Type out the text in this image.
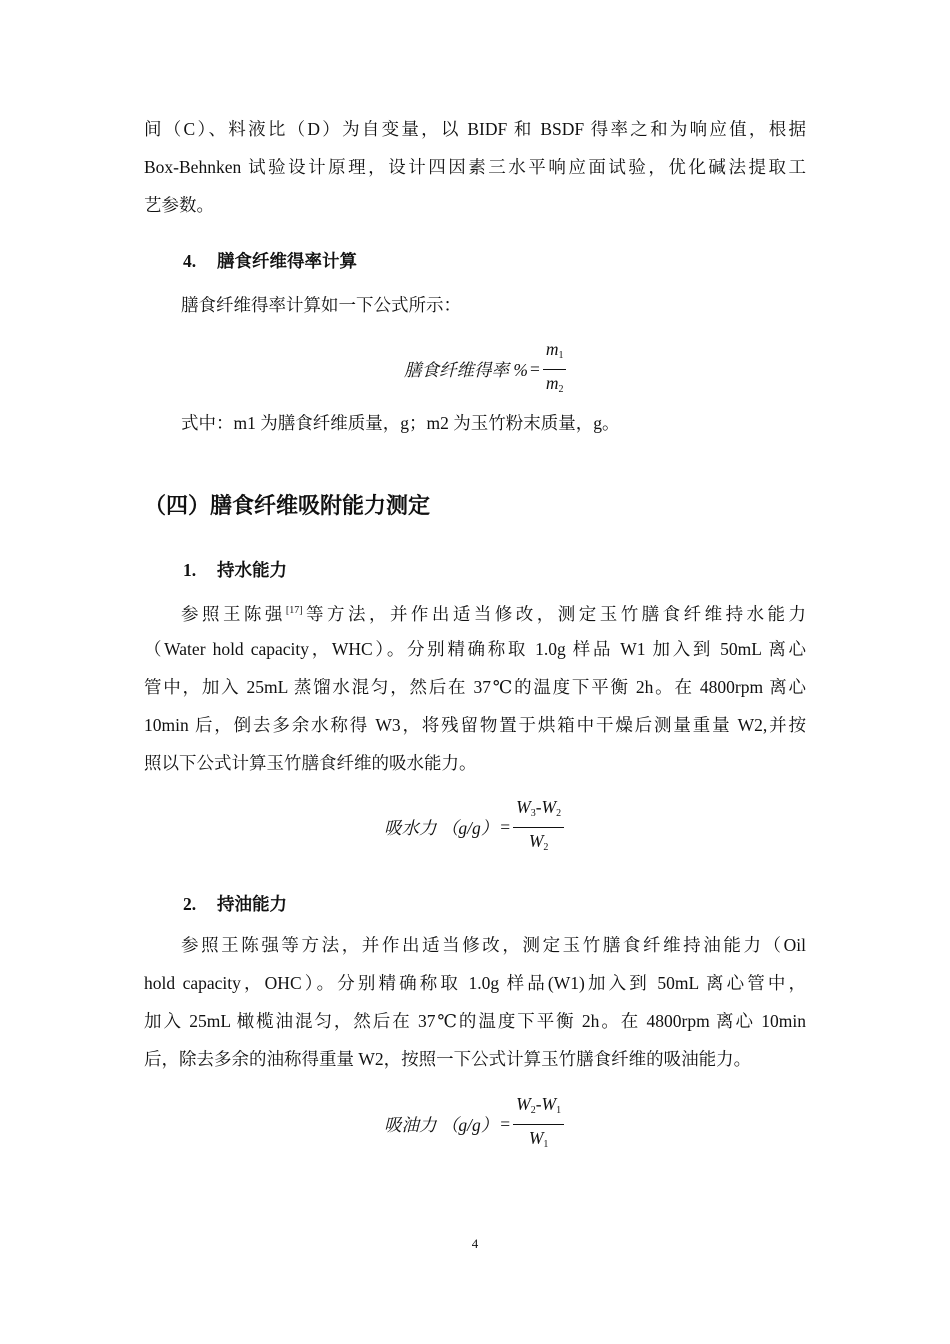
间（C）、料液比（D）为自变量，以 BIDF 和 BSDF 得率之和为响应值，根据
Box-Behnken 试验设计原理，设计四因素三水平响应面试验，优化碱法提取工
艺参数。
4. 膳食纤维得率计算
膳食纤维得率计算如一下公式所示：
膳食纤维得率 % = $\frac{m_1}{m_2}$
式中：m1 为膳食纤维质量，g；m2 为玉竹粉末质量，g。
（四）膳食纤维吸附能力测定
1. 持水能力
参照王陈强[17]等方法，并作出适当修改，测定玉竹膳食纤维持水能力
（Water hold capacity，WHC）。分别精确称取 1.0g 样品 W1 加入到 50mL 离心
管中，加入 25mL 蒸馏水混匀，然后在 37℃的温度下平衡 2h。在 4800rpm 离心
10min 后，倒去多余水称得 W3，将残留物置于烘箱中干燥后测量重量 W2,并按
照以下公式计算玉竹膳食纤维的吸水能力。
吸水力 $(g/g) = \frac{W_3-W_2}{W_2}$
2. 持油能力
参照王陈强等方法，并作出适当修改，测定玉竹膳食纤维持油能力（Oil
hold capacity，OHC）。分别精确称取 1.0g 样品(W1)加入到 50mL 离心管中，
加入 25mL 橄榄油混匀，然后在 37℃的温度下平衡 2h。在 4800rpm 离心 10min
后，除去多余的油称得重量 W2，按照一下公式计算玉竹膳食纤维的吸油能力。
吸油力 $(g/g) = \frac{W_2-W_1}{W_1}$
4
